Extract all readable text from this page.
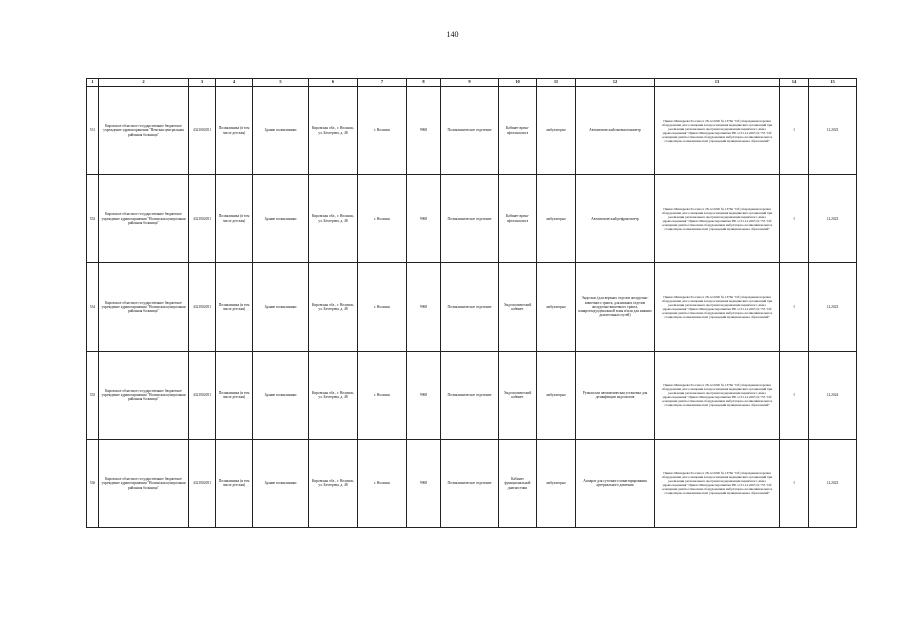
140
1	2	3	4	5	6	7	8	9	10	11	12	13	14	15
531	Кировское областное государственное бюджетное учреждение здравоохранения "Немская центральная районная больница"	4321002051	Поликлиника (в том числе детская)	Здание поликлиники	Кировская обл., г. Нолинск, ул. Бехтерева, д. 48	г. Нолинск	9968	Поликлиническое отделение	Кабинет врача-офтальмолога	амбулаторно	Автоматический пневмотонометр	Приказ Минздрава России от 28.12.2020 № 1379н "Об утверждении перечня оборудования для оснащения и переоснащения медицинских организаций при реализации региональных программ модернизации первичного звена здравоохранения" Приказ Минздравсоцразвития РФ от 01.12.2005 № 753 "Об оснащении диагностическим оборудованием амбулаторно-поликлинических и стационарно-поликлинических учреждений муниципальных образований"	1	12.2023
533	Кировское областное государственное бюджетное учреждение здравоохранения "Нолинская центральная районная больница"	4321002051	Поликлиника (в том числе детская)	Здание поликлиники	Кировская обл., г. Нолинск, ул. Бехтерева, д. 48	г. Нолинск	9968	Поликлиническое отделение	Кабинет врача-офтальмолога	амбулаторно	Автоматический рефрактометр	Приказ Минздрава России от 28.12.2020 № 1379н "Об утверждении перечня оборудования для оснащения и переоснащения медицинских организаций при реализации региональных программ модернизации первичного звена здравоохранения" Приказ Минздравсоцразвития РФ от 01.12.2005 № 753 "Об оснащении диагностическим оборудованием амбулаторно-поликлинических и стационарно-поликлинических учреждений муниципальных образований"	1	12.2023
534	Кировское областное государственное бюджетное учреждение здравоохранения "Нолинская центральная районная больница"	4321002051	Поликлиника (в том числе детская)	Здание поликлиники	Кировская обл., г. Нолинск, ул. Бехтерева, д. 48	г. Нолинск	9968	Поликлиническое отделение	Эндоскопический кабинет	амбулаторно	Эндоскоп (для верхних отделов желудочно-кишечного тракта, для нижних отделов желудочно-кишечного тракта, панкреатодуоденальной зоны и/или для нижних дыхательных путей)	Приказ Минздрава России от 28.12.2020 № 1379н "Об утверждении перечня оборудования для оснащения и переоснащения медицинских организаций при реализации региональных программ модернизации первичного звена здравоохранения" Приказ Минздравсоцразвития РФ от 01.12.2005 № 753 "Об оснащении диагностическим оборудованием амбулаторно-поликлинических и стационарно-поликлинических учреждений муниципальных образований"	1	12.2023
535	Кировское областное государственное бюджетное учреждение здравоохранения "Нолинская центральная районная больница"	4321002051	Поликлиника (в том числе детская)	Здание поликлиники	Кировская обл., г. Нолинск, ул. Бехтерева, д. 48	г. Нолинск	9968	Поликлиническое отделение	Эндоскопический кабинет	амбулаторно	Ручная или автоматическая установка для дезинфекции эндоскопов	Приказ Минздрава России от 28.12.2020 № 1379н "Об утверждении перечня оборудования для оснащения и переоснащения медицинских организаций при реализации региональных программ модернизации первичного звена здравоохранения" Приказ Минздравсоцразвития РФ от 01.12.2005 № 753 "Об оснащении диагностическим оборудованием амбулаторно-поликлинических и стационарно-поликлинических учреждений муниципальных образований"	1	12.2024
536	Кировское областное государственное бюджетное учреждение здравоохранения "Нолинская центральная районная больница"	4321002051	Поликлиника (в том числе детская)	Здание поликлиники	Кировская обл., г. Нолинск, ул. Бехтерева, д. 48	г. Нолинск	9968	Поликлиническое отделение	Кабинет функциональной диагностики	амбулаторно	Аппарат для суточного мониторирования артериального давления	Приказ Минздрава России от 28.12.2020 № 1379н "Об утверждении перечня оборудования для оснащения и переоснащения медицинских организаций при реализации региональных программ модернизации первичного звена здравоохранения" Приказ Минздравсоцразвития РФ от 01.12.2005 № 753 "Об оснащении диагностическим оборудованием амбулаторно-поликлинических и стационарно-поликлинических учреждений муниципальных образований"	1	12.2023
